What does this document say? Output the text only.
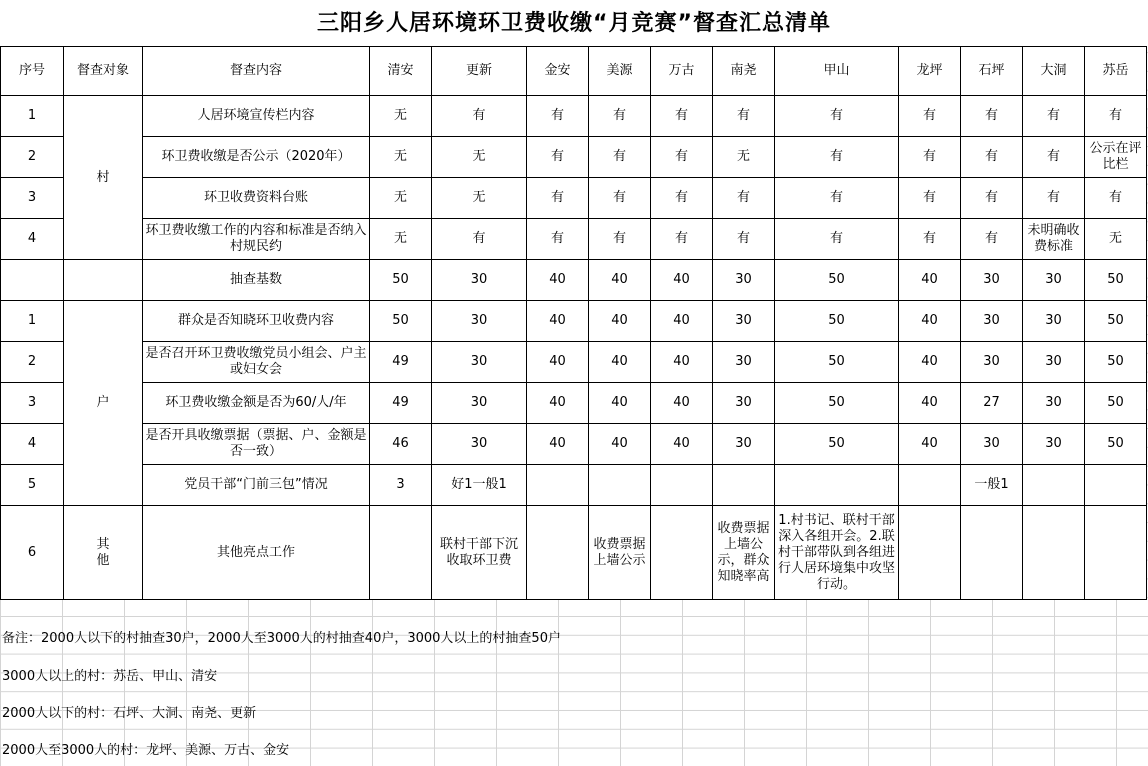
三阳乡人居环境环卫费收缴“月竞赛”督查汇总清单
序号	督查对象	督查内容	清安	更新	金安	美源	万古	南尧	甲山	龙坪	石坪	大洞	苏岳
1	村	人居环境宣传栏内容	无	有	有	有	有	有	有	有	有	有	有
2		环卫费收缴是否公示（2020年）	无	无	有	有	有	无	有	有	有	有	公示在评比栏
3		环卫收费资料台账	无	无	有	有	有	有	有	有	有	有	有
4		环卫费收缴工作的内容和标准是否纳入村规民约	无	有	有	有	有	有	有	有	有	未明确收费标准	无
		抽查基数	50	30	40	40	40	30	50	40	30	30	50
1	户	群众是否知晓环卫收费内容	50	30	40	40	40	30	50	40	30	30	50
2		是否召开环卫费收缴党员小组会、户主或妇女会	49	30	40	40	40	30	50	40	30	30	50
3		环卫费收缴金额是否为60/人/年	49	30	40	40	40	30	50	40	27	30	50
4		是否开具收缴票据（票据、户、金额是否一致）	46	30	40	40	40	30	50	40	30	30	50
5		党员干部“门前三包”情况	3	好1一般1							一般1		
6	其他	其他亮点工作		联村干部下沉收取环卫费		收费票据上墙公示		收费票据上墙公示，群众知晓率高	1.村书记、联村干部深入各组开会。2.联村干部带队到各组进行人居环境集中攻坚行动。				
备注：2000人以下的村抽查30户，2000人至3000人的村抽查40户，3000人以上的村抽查50户
3000人以上的村：苏岳、甲山、清安
2000人以下的村：石坪、大洞、南尧、更新
2000人至3000人的村：龙坪、美源、万古、金安
